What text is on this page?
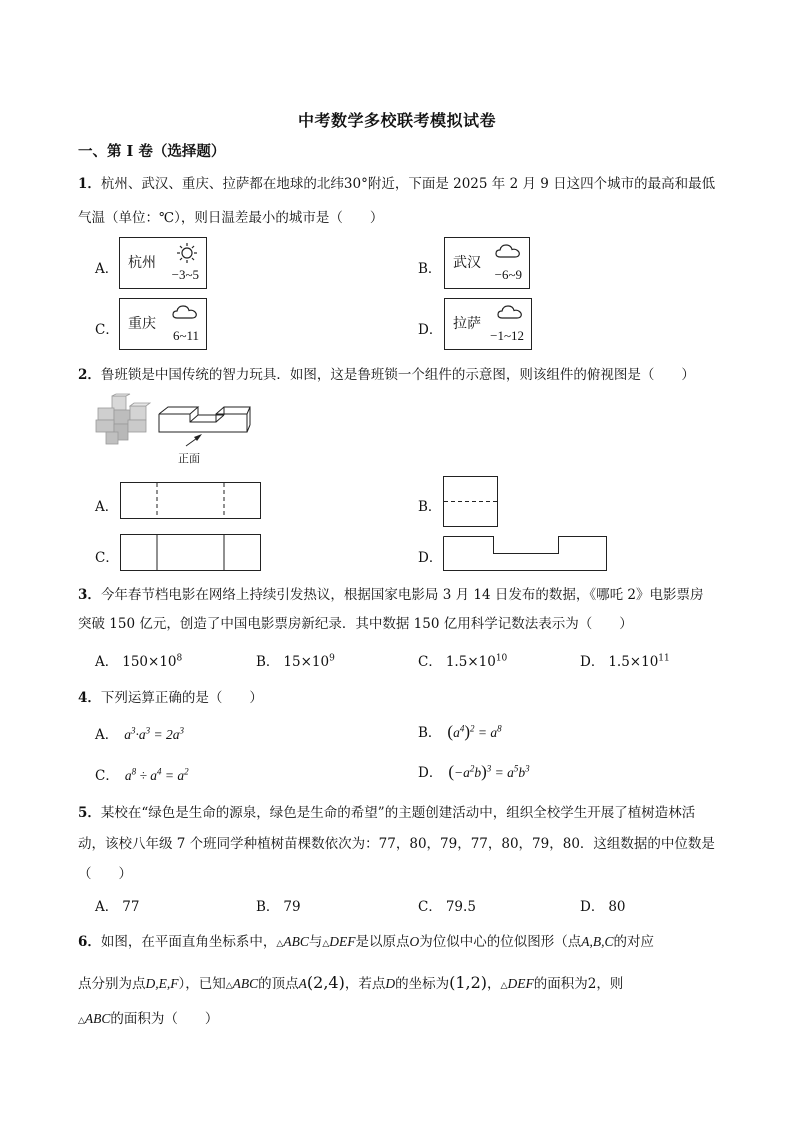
中考数学多校联考模拟试卷
一、第 I 卷（选择题）
1．杭州、武汉、重庆、拉萨都在地球的北纬30°附近，下面是 2025 年 2 月 9 日这四个城市的最高和最低
气温（单位：℃），则日温差最小的城市是（　　）
A． 杭州
−3~5	B． 武汉
−6~9
C． 重庆
6~11	D． 拉萨
−1~12
2．鲁班锁是中国传统的智力玩具．如图，这是鲁班锁一个组件的示意图，则该组件的俯视图是（　　）
正面
A．	B．
C．	D．
3．今年春节档电影在网络上持续引发热议，根据国家电影局 3 月 14 日发布的数据，《哪吒 2》电影票房
突破 150 亿元，创造了中国电影票房新纪录．其中数据 150 亿用科学记数法表示为（　　）
A． $150\times 10^8$	B． $15\times 10^9$	C． $1.5\times 10^{10}$	D． $1.5\times 10^{11}$
4．下列运算正确的是（　　）
A． $a^3\cdot a^3 = 2a^3$	B． $(a^4)^2 = a^8$
C． $a^8 \div a^4 = a^2$	D． $(-a^2b)^3 = a^5b^3$
5．某校在“绿色是生命的源泉，绿色是生命的希望”的主题创建活动中，组织全校学生开展了植树造林活
动，该校八年级 7 个班同学种植树苗棵数依次为：77，80，79，77，80，79，80．这组数据的中位数是
（　　）
A． 77	B． 79	C． 79.5	D． 80
6．如图，在平面直角坐标系中，△ABC与△DEF是以原点O为位似中心的位似图形（点A,B,C的对应
点分别为点D,E,F），已知△ABC的顶点A(2,4)，若点D的坐标为(1,2)，△DEF的面积为2，则
△ABC的面积为（　　）
